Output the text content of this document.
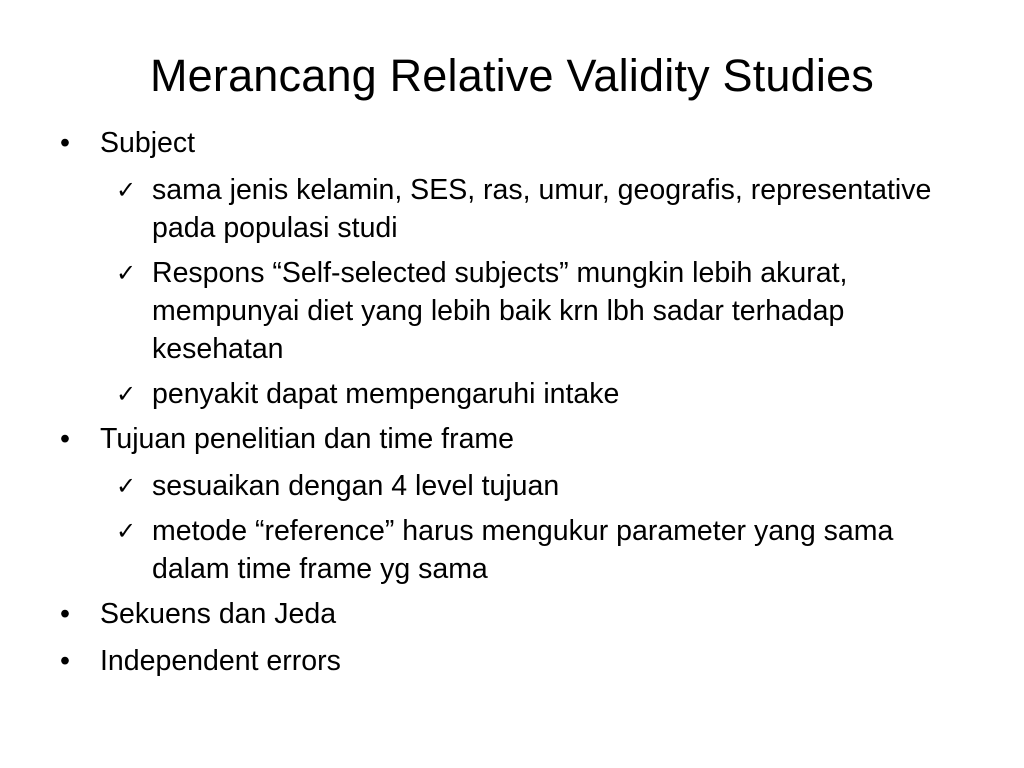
Merancang Relative Validity Studies
•	Subject
✓ sama jenis kelamin, SES, ras, umur, geografis, representative pada populasi studi
✓ Respons “Self-selected subjects” mungkin lebih akurat, mempunyai diet yang lebih baik krn lbh sadar terhadap kesehatan
✓ penyakit dapat mempengaruhi intake
•	Tujuan penelitian dan time frame
✓ sesuaikan dengan 4 level tujuan
✓ metode “reference” harus mengukur parameter yang sama dalam time frame yg sama
•	Sekuens dan Jeda
•	Independent errors
